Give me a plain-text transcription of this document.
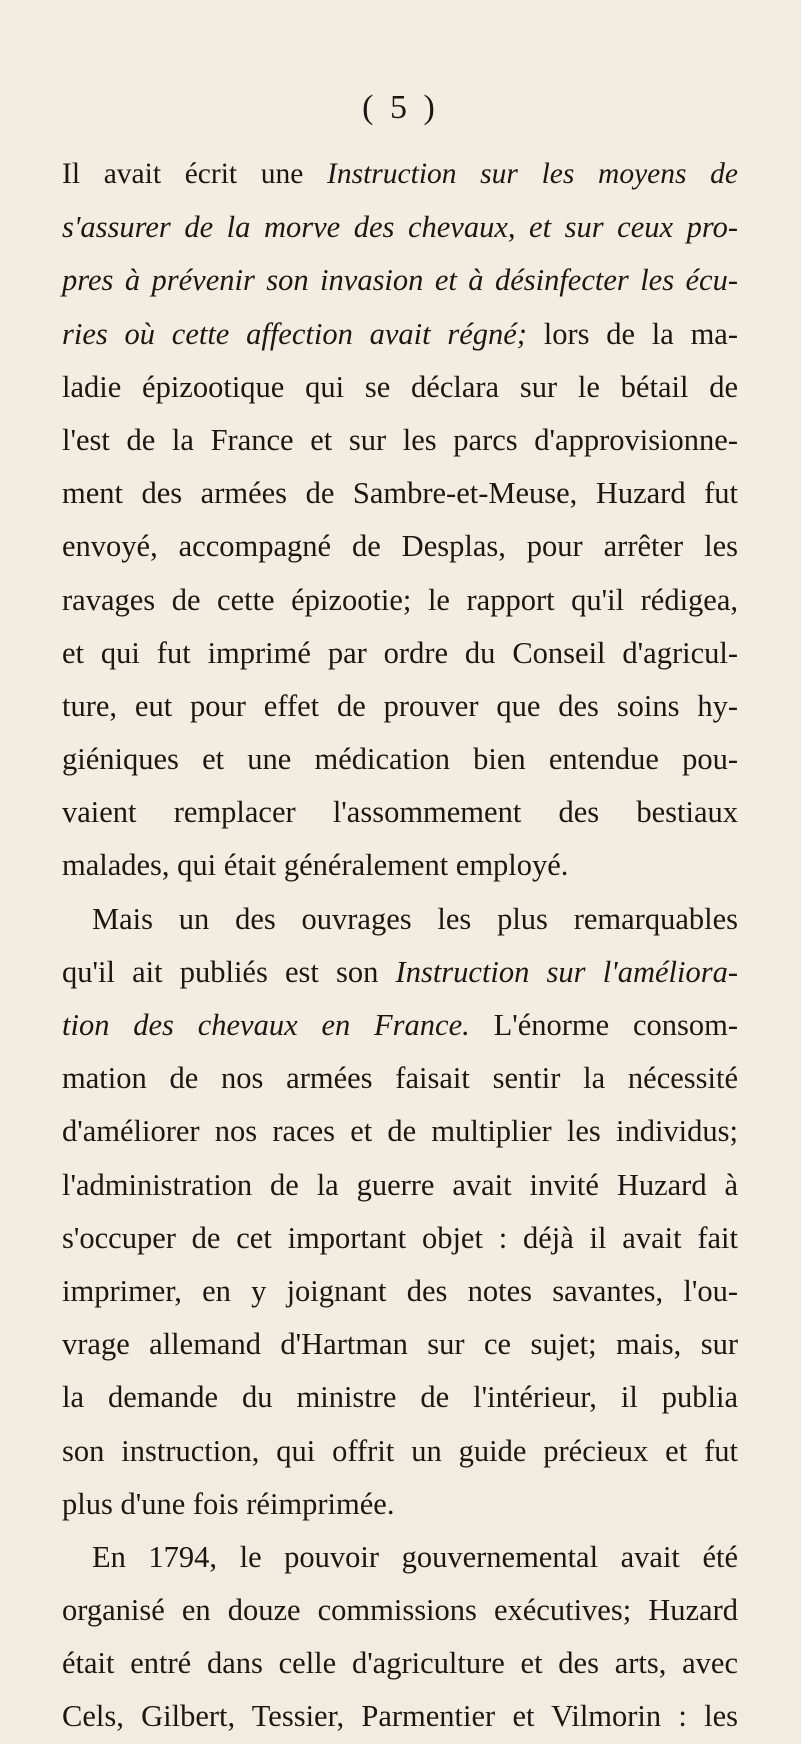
( 5 )
Il avait écrit une Instruction sur les moyens de
s'assurer de la morve des chevaux, et sur ceux pro-
pres à prévenir son invasion et à désinfecter les écu-
ries où cette affection avait régné; lors de la ma-
ladie épizootique qui se déclara sur le bétail de
l'est de la France et sur les parcs d'approvisionne-
ment des armées de Sambre-et-Meuse, Huzard fut
envoyé, accompagné de Desplas, pour arrêter les
ravages de cette épizootie; le rapport qu'il rédigea,
et qui fut imprimé par ordre du Conseil d'agricul-
ture, eut pour effet de prouver que des soins hy-
giéniques et une médication bien entendue pou-
vaient remplacer l'assommement des bestiaux
malades, qui était généralement employé.
Mais un des ouvrages les plus remarquables
qu'il ait publiés est son Instruction sur l'améliora-
tion des chevaux en France. L'énorme consom-
mation de nos armées faisait sentir la nécessité
d'améliorer nos races et de multiplier les individus;
l'administration de la guerre avait invité Huzard à
s'occuper de cet important objet : déjà il avait fait
imprimer, en y joignant des notes savantes, l'ou-
vrage allemand d'Hartman sur ce sujet; mais, sur
la demande du ministre de l'intérieur, il publia
son instruction, qui offrit un guide précieux et fut
plus d'une fois réimprimée.
En 1794, le pouvoir gouvernemental avait été
organisé en douze commissions exécutives; Huzard
était entré dans celle d'agriculture et des arts, avec
Cels, Gilbert, Tessier, Parmentier et Vilmorin : les
